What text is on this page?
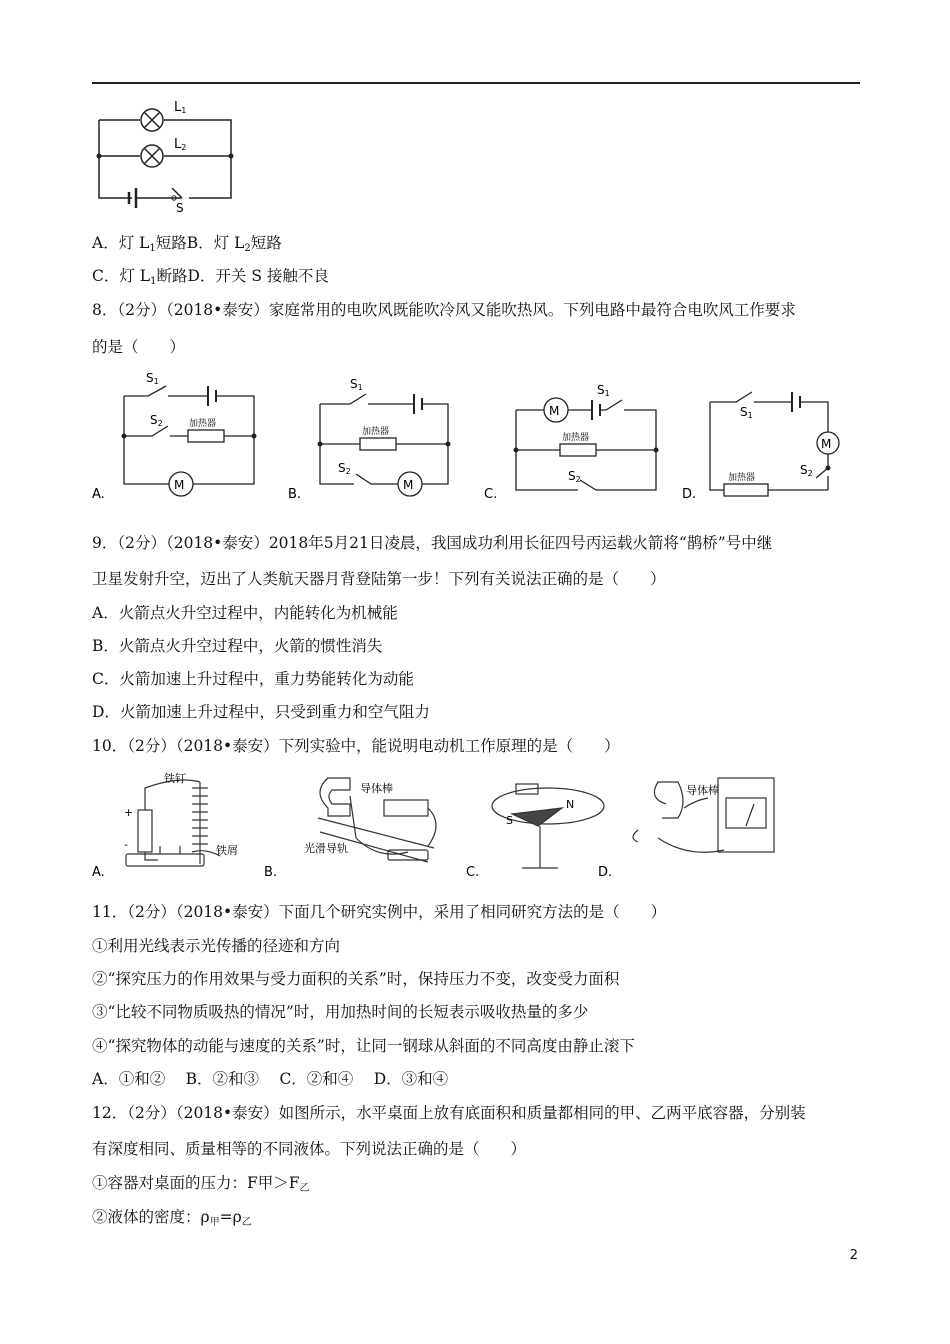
L1
L2
S
A．灯 $L_1$短路B．灯 $L_2$短路
C．灯 $L_1$断路D．开关 S 接触不良
8．（2分）（2018•泰安）家庭常用的电吹风既能吹冷风又能吹热风。下列电路中最符合电吹风工作要求
的是（　　）
S1
S2	加热器
M
A.
S1
加热器
S2
M
B.
S1
M
加热器
S2
C.
S1
M
加热器
S2
D.
9．（2分）（2018•泰安）2018年5月21日凌晨，我国成功利用长征四号丙运载火箭将“鹊桥”号中继
卫星发射升空，迈出了人类航天器月背登陆第一步！下列有关说法正确的是（　　）
A．火箭点火升空过程中，内能转化为机械能
B．火箭点火升空过程中，火箭的惯性消失
C．火箭加速上升过程中，重力势能转化为动能
D．火箭加速上升过程中，只受到重力和空气阻力
10．（2分）（2018•泰安）下列实验中，能说明电动机工作原理的是（　　）
铁钉
铁屑
+
-
导体棒
光滑导轨
N
S
导体棒
A.	B.	C.	D.
11．（2分）（2018•泰安）下面几个研究实例中，采用了相同研究方法的是（　　）
①利用光线表示光传播的径迹和方向
②“探究压力的作用效果与受力面积的关系”时，保持压力不变，改变受力面积
③“比较不同物质吸热的情况”时，用加热时间的长短表示吸收热量的多少
④“探究物体的动能与速度的关系”时，让同一钢球从斜面的不同高度由静止滚下
A．①和②　 B．②和③　 C．②和④　 D．③和④
12．（2分）（2018•泰安）如图所示，水平桌面上放有底面积和质量都相同的甲、乙两平底容器，分别装
有深度相同、质量相等的不同液体。下列说法正确的是（　　）
①容器对桌面的压力：F甲$>F_乙$
②液体的密度：$\rho_甲=\rho_乙$
2
